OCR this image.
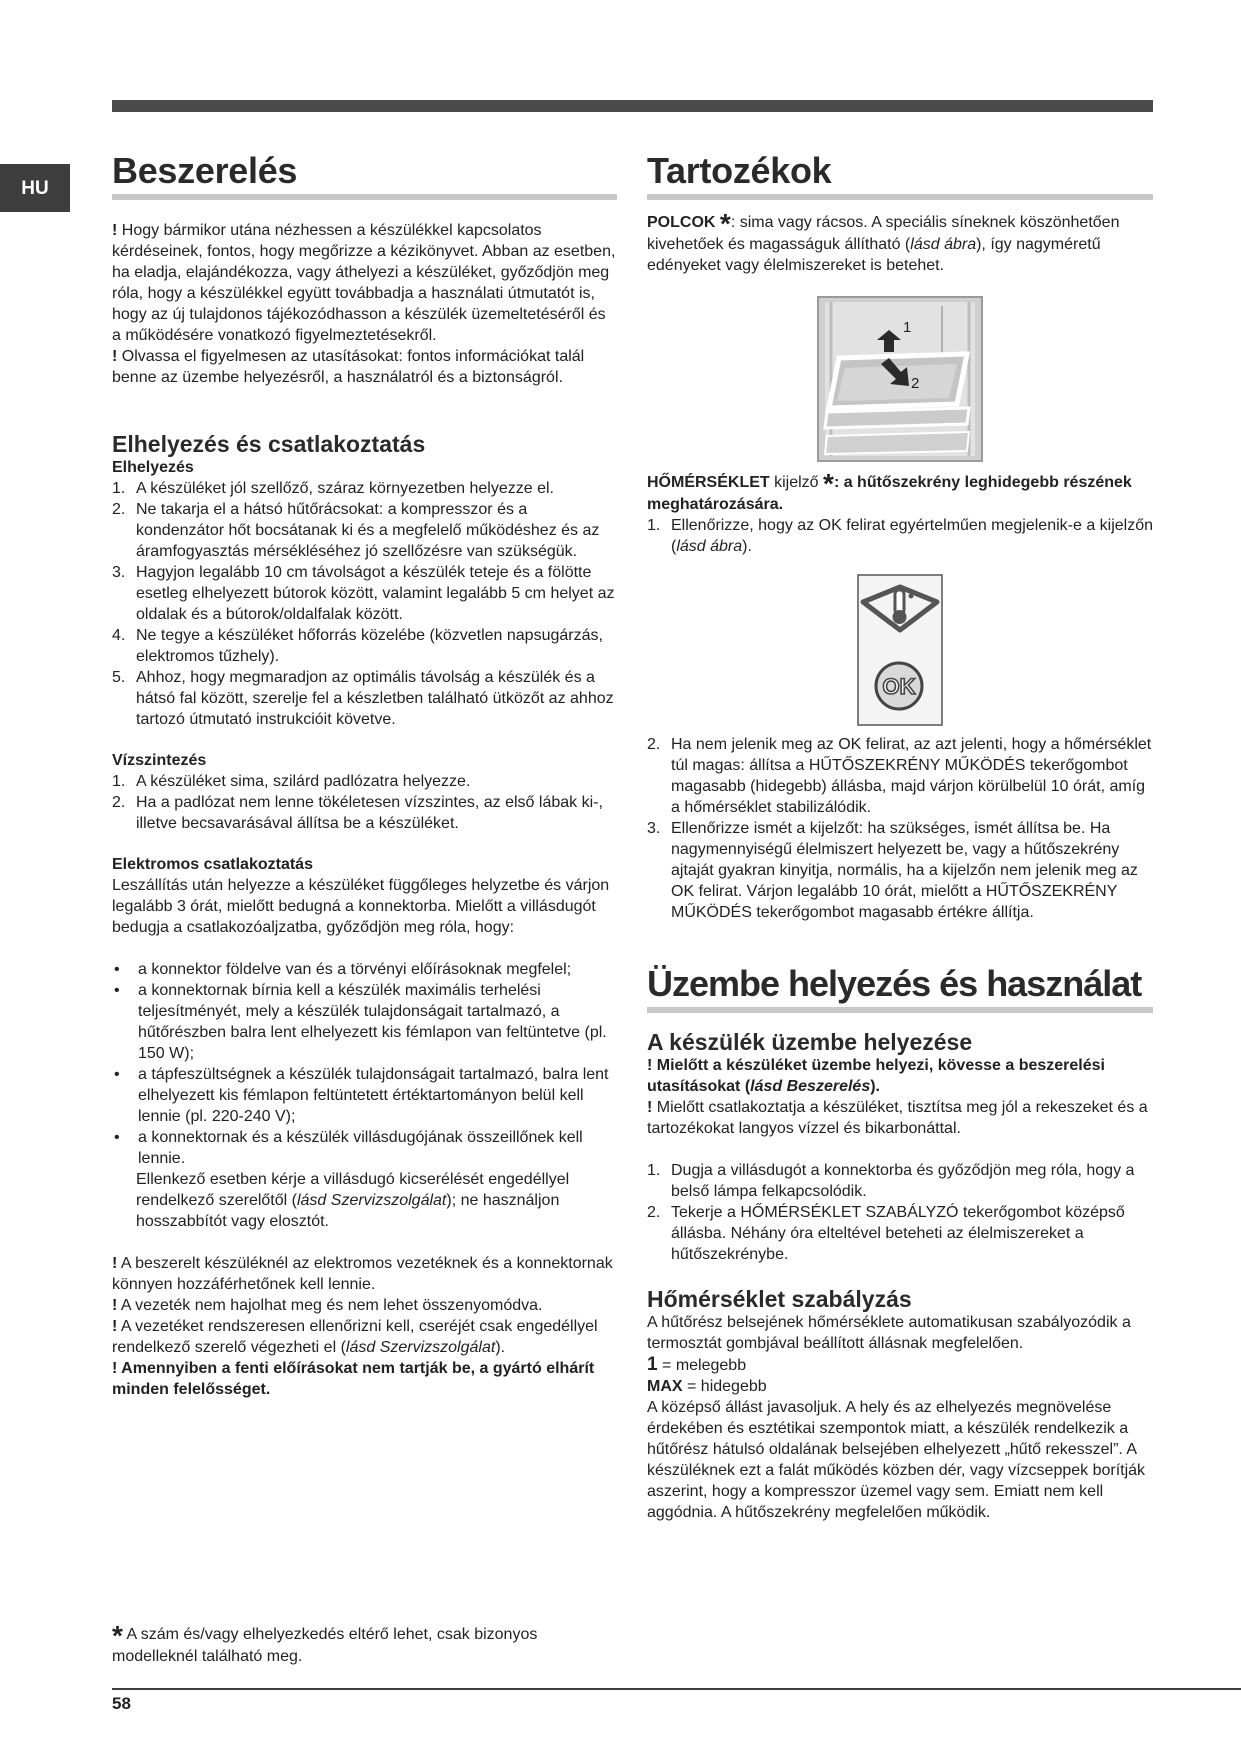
HU	Beszerelés

! Hogy bármikor utána nézhessen a készülékkel kapcsolatos kérdéseinek, fontos, hogy megőrizze a kézikönyvet. Abban az esetben, ha eladja, elajándékozza, vagy áthelyezi a készüléket, győződjön meg róla, hogy a készülékkel együtt továbbadja a használati útmutatót is, hogy az új tulajdonos tájékozódhasson a készülék üzemeltetéséről és a működésére vonatkozó figyelmeztetésekről.

! Olvassa el figyelmesen az utasításokat: fontos információkat talál benne az üzembe helyezésről, a használatról és a biztonságról.

Elhelyezés és csatlakoztatás
Elhelyezés
1. A készüléket jól szellőző, száraz környezetben helyezze el.
2. Ne takarja el a hátsó hűtőrácsokat: a kompresszor és a kondenzátor hőt bocsátanak ki és a megfelelő működéshez és az áramfogyasztás mérsékléséhez jó szellőzésre van szükségük.
3. Hagyjon legalább 10 cm távolságot a készülék teteje és a fölötte esetleg elhelyezett bútorok között, valamint legalább 5 cm helyet az oldalak és a bútorok/oldalfalak között.
4. Ne tegye a készüléket hőforrás közelébe (közvetlen napsugárzás, elektromos tűzhely).
5. Ahhoz, hogy megmaradjon az optimális távolság a készülék és a hátsó fal között, szerelje fel a készletben található ütközőt az ahhoz tartozó útmutató instrukcióit követve.
Vízszintezés
1. A készüléket sima, szilárd padlózatra helyezze.
2. Ha a padlózat nem lenne tökéletesen vízszintes, az első lábak ki-, illetve becsavarásával állítsa be a készüléket.
Elektromos csatlakoztatás

Leszállítás után helyezze a készüléket függőleges helyzetbe és várjon legalább 3 órát, mielőtt bedugná a konnektorba. Mielőtt a villásdugót bedugja a csatlakozóaljzatba, győződjön meg róla, hogy:

•	a konnektor földelve van és a törvényi előírásoknak megfelel;
•	a konnektornak bírnia kell a készülék maximális terhelési teljesítményét, mely a készülék tulajdonságait tartalmazó, a hűtőrészben balra lent elhelyezett kis fémlapon van feltüntetve (pl. 150 W);
•	a tápfeszültségnek a készülék tulajdonságait tartalmazó, balra lent elhelyezett kis fémlapon feltüntetett értéktartományon belül kell lennie (pl. 220-240 V);
•	a konnektornak és a készülék villásdugójának összeillőnek kell lennie.

Ellenkező esetben kérje a villásdugó kicserélését engedéllyel rendelkező szerelőtől (lásd Szervizszolgálat); ne használjon hosszabbítót vagy elosztót.

! A beszerelt készüléknél az elektromos vezetéknek és a konnektornak könnyen hozzáférhetőnek kell lennie.

! A vezeték nem hajolhat meg és nem lehet összenyomódva.

! A vezetéket rendszeresen ellenőrizni kell, cseréjét csak engedéllyel rendelkező szerelő végezheti el (lásd Szervizszolgálat).

! Amennyiben a fenti előírásokat nem tartják be, a gyártó elhárít minden felelősséget.

* A szám és/vagy elhelyezkedés eltérő lehet, csak bizonyos modelleknél található meg.
Tartozékok

POLCOK *: sima vagy rácsos. A speciális síneknek köszönhetően kivehetőek és magasságuk állítható (lásd ábra), így nagyméretű edényeket vagy élelmiszereket is betehet.

1
2

HŐMÉRSÉKLET kijelző *: a hűtőszekrény leghidegebb részének meghatározására.

1. Ellenőrizze, hogy az OK felirat egyértelműen megjelenik-e a kijelzőn (lásd ábra).
OK
2. Ha nem jelenik meg az OK felirat, az azt jelenti, hogy a hőmérséklet túl magas: állítsa a HŰTŐSZEKRÉNY MŰKÖDÉS tekerőgombot magasabb (hidegebb) állásba, majd várjon körülbelül 10 órát, amíg a hőmérséklet stabilizálódik.
3. Ellenőrizze ismét a kijelzőt: ha szükséges, ismét állítsa be. Ha nagymennyiségű élelmiszert helyezett be, vagy a hűtőszekrény ajtaját gyakran kinyitja, normális, ha a kijelzőn nem jelenik meg az OK felirat. Várjon legalább 10 órát, mielőtt a HŰTŐSZEKRÉNY MŰKÖDÉS tekerőgombot magasabb értékre állítja.
Üzembe helyezés és használat
A készülék üzembe helyezése

! Mielőtt a készüléket üzembe helyezi, kövesse a beszerelési utasításokat (lásd Beszerelés).

! Mielőtt csatlakoztatja a készüléket, tisztítsa meg jól a rekeszeket és a tartozékokat langyos vízzel és bikarbonáttal.

1. Dugja a villásdugót a konnektorba és győződjön meg róla, hogy a belső lámpa felkapcsolódik.
2. Tekerje a HŐMÉRSÉKLET SZABÁLYZÓ tekerőgombot középső állásba. Néhány óra elteltével beteheti az élelmiszereket a hűtőszekrénybe.
Hőmérséklet szabályzás

A hűtőrész belsejének hőmérséklete automatikusan szabályozódik a termosztát gombjával beállított állásnak megfelelően.

1 = melegebb

MAX = hidegebb

A középső állást javasoljuk. A hely és az elhelyezés megnövelése érdekében és esztétikai szempontok miatt, a készülék rendelkezik a hűtőrész hátulsó oldalának belsejében elhelyezett „hűtő rekesszel”. A készüléknek ezt a falát működés közben dér, vagy vízcseppek borítják aszerint, hogy a kompresszor üzemel vagy sem. Emiatt nem kell aggódnia. A hűtőszekrény megfelelően működik.

58
